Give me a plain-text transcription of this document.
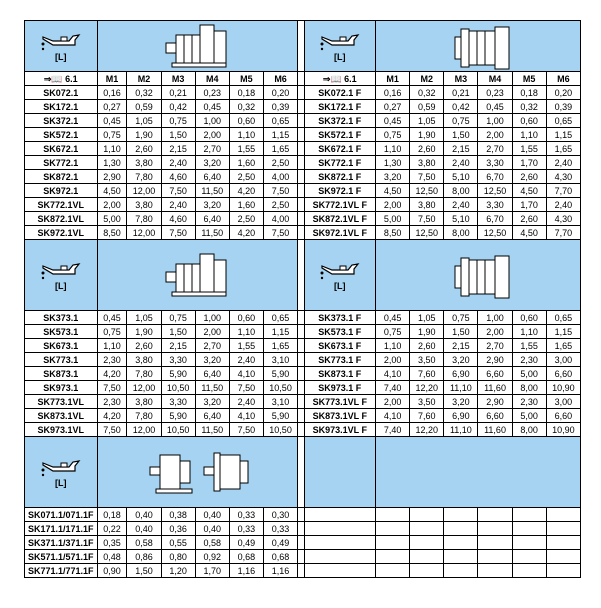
[L]								[L]

⇒📖 6.1	M1	M2	M3	M4	M5	M6		⇒📖 6.1	M1	M2	M3	M4	M5	M6
SK072.1	0,16	0,32	0,21	0,23	0,18	0,20		SK072.1 F	0,16	0,32	0,21	0,23	0,18	0,20
SK172.1	0,27	0,59	0,42	0,45	0,32	0,39		SK172.1 F	0,27	0,59	0,42	0,45	0,32	0,39
SK372.1	0,45	1,05	0,75	1,00	0,60	0,65		SK372.1 F	0,45	1,05	0,75	1,00	0,60	0,65
SK572.1	0,75	1,90	1,50	2,00	1,10	1,15		SK572.1 F	0,75	1,90	1,50	2,00	1,10	1,15
SK672.1	1,10	2,60	2,15	2,70	1,55	1,65		SK672.1 F	1,10	2,60	2,15	2,70	1,55	1,65
SK772.1	1,30	3,80	2,40	3,20	1,60	2,50		SK772.1 F	1,30	3,80	2,40	3,30	1,70	2,40
SK872.1	2,90	7,80	4,60	6,40	2,50	4,00		SK872.1 F	3,20	7,50	5,10	6,70	2,60	4,30
SK972.1	4,50	12,00	7,50	11,50	4,20	7,50		SK972.1 F	4,50	12,50	8,00	12,50	4,50	7,70
SK772.1VL	2,00	3,80	2,40	3,20	1,60	2,50		SK772.1VL F	2,00	3,80	2,40	3,30	1,70	2,40
SK872.1VL	5,00	7,80	4,60	6,40	2,50	4,00		SK872.1VL F	5,00	7,50	5,10	6,70	2,60	4,30
SK972.1VL	8,50	12,00	7,50	11,50	4,20	7,50		SK972.1VL F	8,50	12,50	8,00	12,50	4,50	7,70

[L]								[L]

SK373.1	0,45	1,05	0,75	1,00	0,60	0,65		SK373.1 F	0,45	1,05	0,75	1,00	0,60	0,65
SK573.1	0,75	1,90	1,50	2,00	1,10	1,15		SK573.1 F	0,75	1,90	1,50	2,00	1,10	1,15
SK673.1	1,10	2,60	2,15	2,70	1,55	1,65		SK673.1 F	1,10	2,60	2,15	2,70	1,55	1,65
SK773.1	2,30	3,80	3,30	3,20	2,40	3,10		SK773.1 F	2,00	3,50	3,20	2,90	2,30	3,00
SK873.1	4,20	7,80	5,90	6,40	4,10	5,90		SK873.1 F	4,10	7,60	6,90	6,60	5,00	6,60
SK973.1	7,50	12,00	10,50	11,50	7,50	10,50		SK973.1 F	7,40	12,20	11,10	11,60	8,00	10,90
SK773.1VL	2,30	3,80	3,30	3,20	2,40	3,10		SK773.1VL F	2,00	3,50	3,20	2,90	2,30	3,00
SK873.1VL	4,20	7,80	5,90	6,40	4,10	5,90		SK873.1VL F	4,10	7,60	6,90	6,60	5,00	6,60
SK973.1VL	7,50	12,00	10,50	11,50	7,50	10,50		SK973.1VL F	7,40	12,20	11,10	11,60	8,00	10,90

[L]

SK071.1/071.1F	0,18	0,40	0,38	0,40	0,33	0,30								
SK171.1/171.1F	0,22	0,40	0,36	0,40	0,33	0,33								
SK371.1/371.1F	0,35	0,58	0,55	0,58	0,49	0,49								
SK571.1/571.1F	0,48	0,86	0,80	0,92	0,68	0,68								
SK771.1/771.1F	0,90	1,50	1,20	1,70	1,16	1,16								
